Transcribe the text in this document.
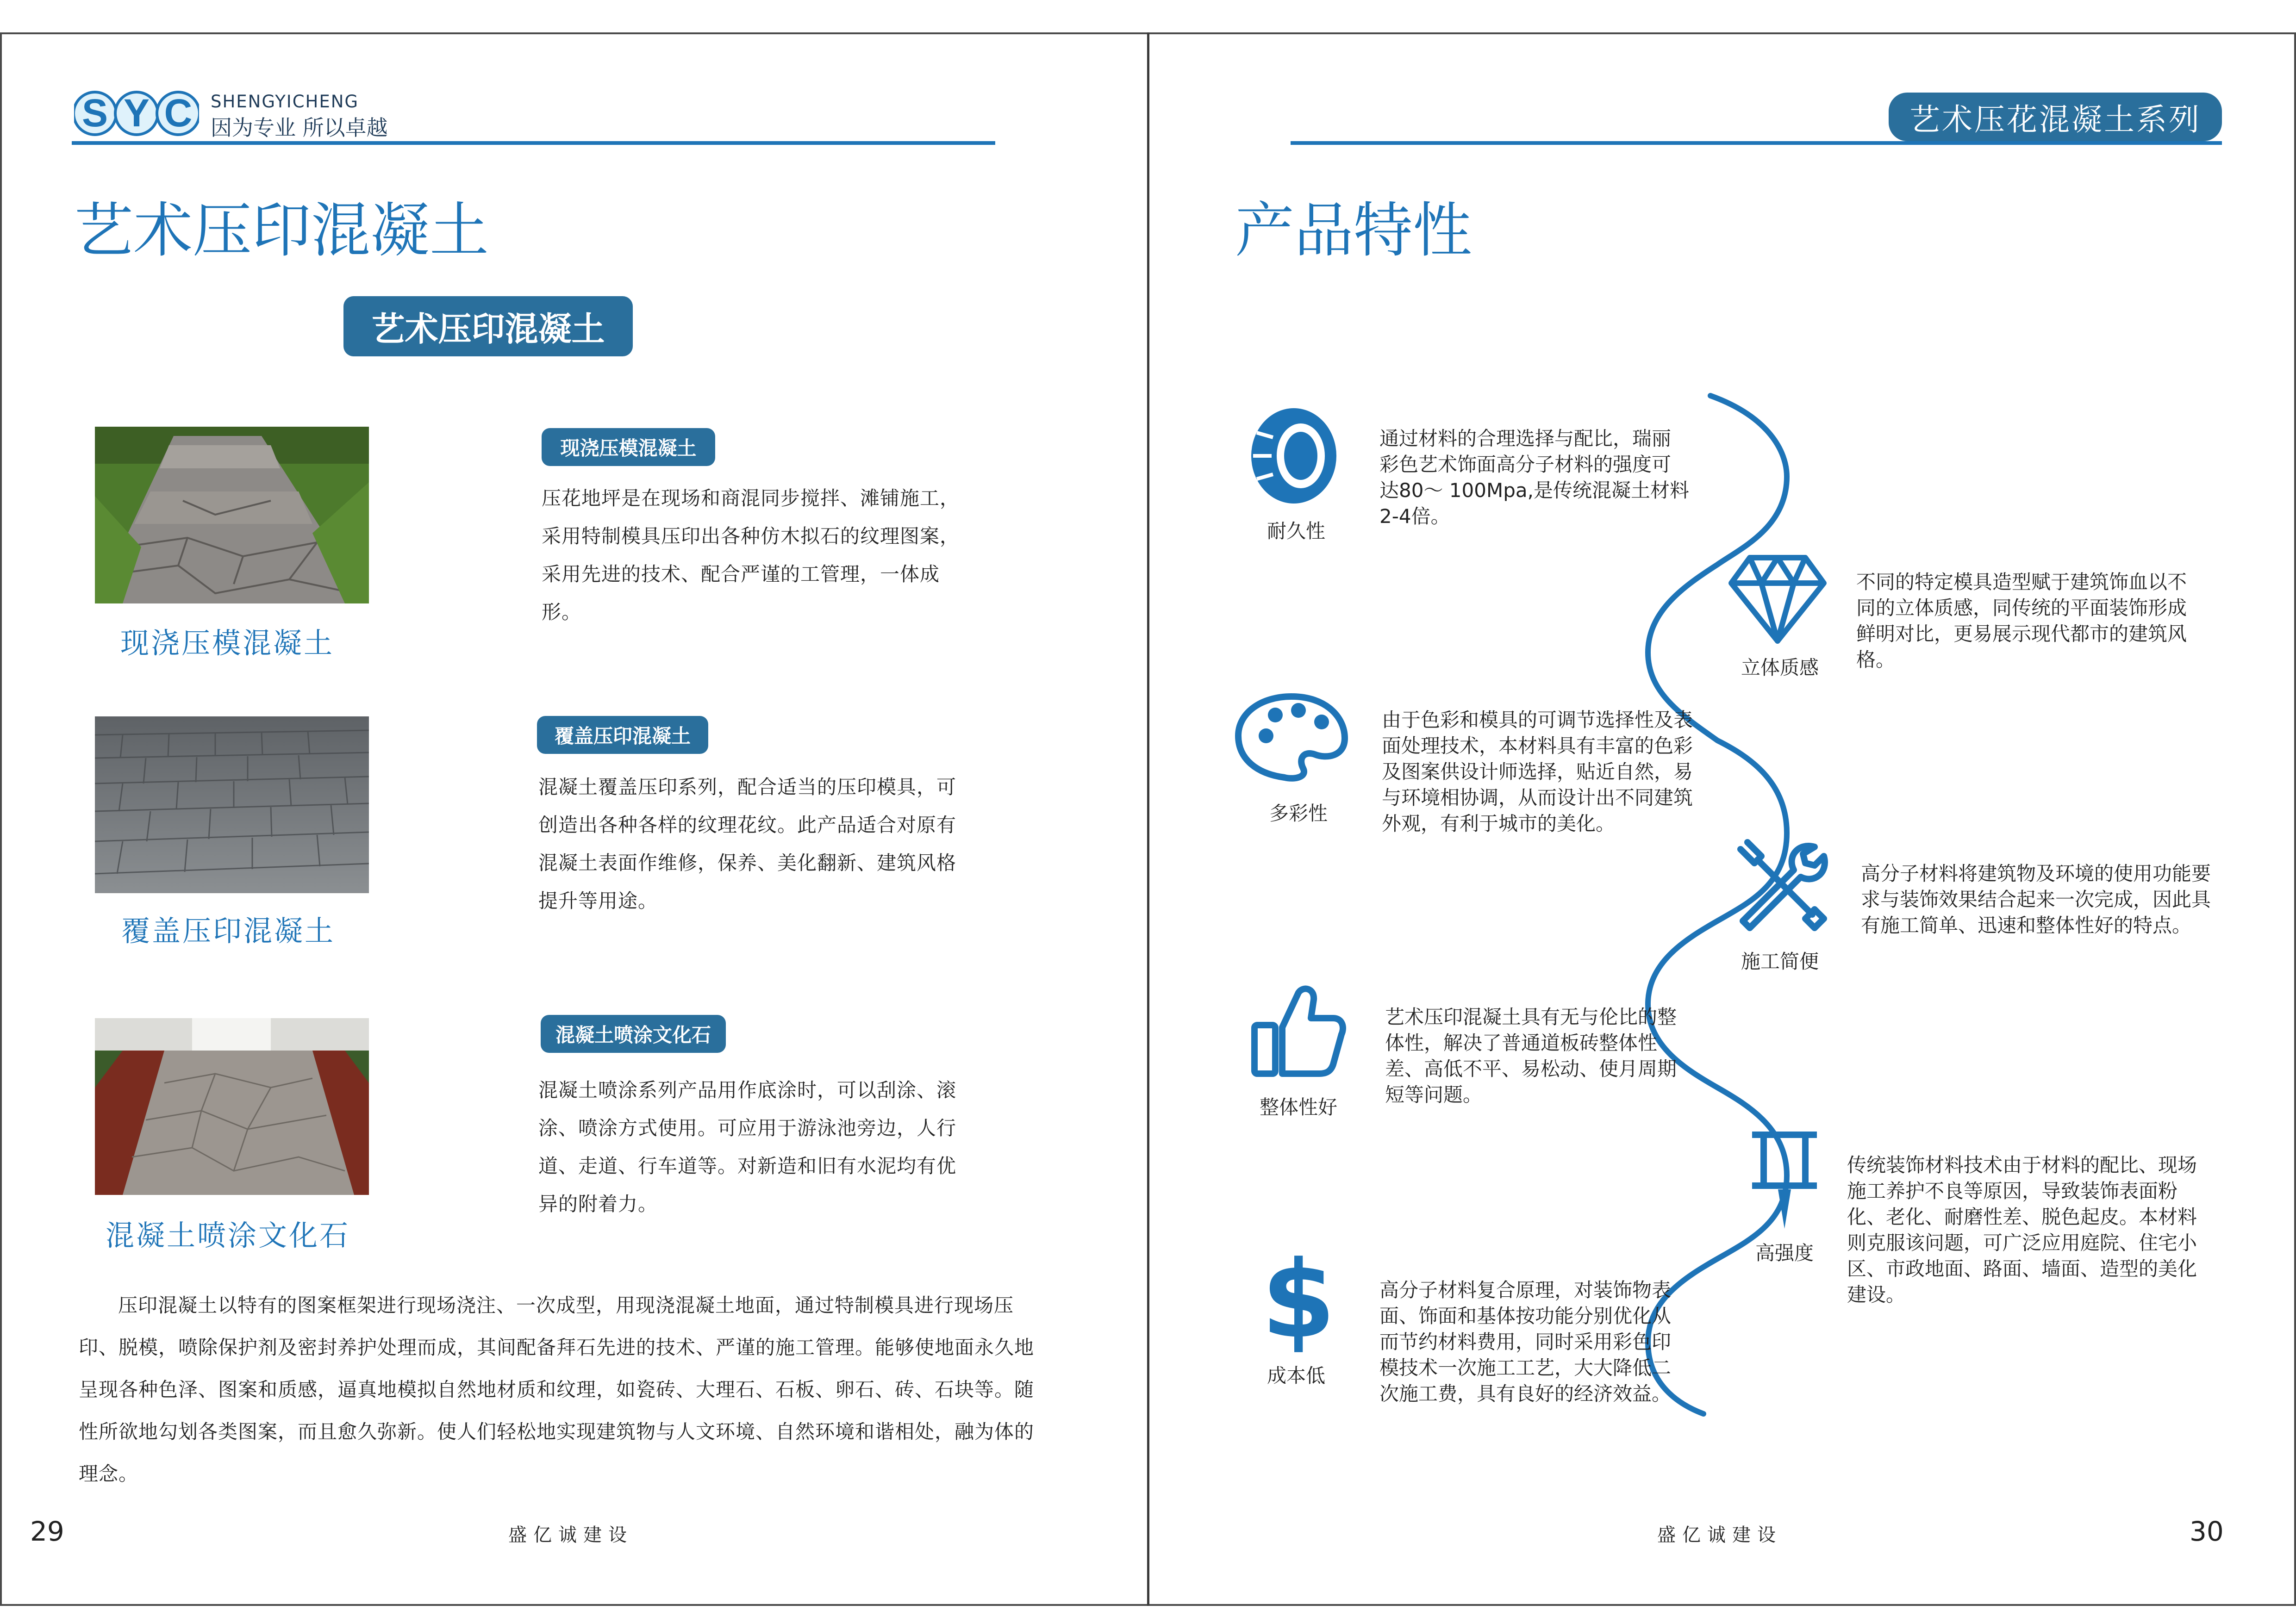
S Y C SHENGYICHENG
因为专业 所以卓越
艺术压印混凝土
艺术压印混凝土
现浇压模混凝土
现浇压模混凝土
压花地坪是在现场和商混同步搅拌、滩铺施工，
采用特制模具压印出各种仿木拟石的纹理图案，
采用先进的技术、配合严谨的工管理，一体成
形。
覆盖压印混凝土
覆盖压印混凝土
混凝土覆盖压印系列，配合适当的压印模具，可
创造出各种各样的纹理花纹。此产品适合对原有
混凝土表面作维修，保养、美化翻新、建筑风格
提升等用途。
混凝土喷涂文化石
混凝土喷涂文化石
混凝土喷涂系列产品用作底涂时，可以刮涂、滚
涂、喷涂方式使用。可应用于游泳池旁边，人行
道、走道、行车道等。对新造和旧有水泥均有优
异的附着力。
压印混凝土以特有的图案框架进行现场浇注、一次成型，用现浇混凝土地面，通过特制模具进行现场压印、脱模，喷除保护剂及密封养护处理而成，其间配备拜石先进的技术、严谨的施工管理。能够使地面永久地呈现各种色泽、图案和质感，逼真地模拟自然地材质和纹理，如瓷砖、大理石、石板、卵石、砖、石块等。随性所欲地勾划各类图案，而且愈久弥新。使人们轻松地实现建筑物与人文环境、自然环境和谐相处，融为体的理念。
29	盛亿诚建设
艺术压花混凝土系列
产品特性
耐久性
通过材料的合理选择与配比，瑞丽
彩色艺术饰面高分子材料的强度可
达80～ 100Mpa,是传统混凝土材料
2-4倍。
立体质感
不同的特定模具造型赋于建筑饰血以不
同的立体质感，同传统的平面装饰形成
鲜明对比，更易展示现代都市的建筑风
格。
多彩性
由于色彩和模具的可调节选择性及表
面处理技术，本材料具有丰富的色彩
及图案供设计师选择，贴近自然，易
与环境相协调，从而设计出不同建筑
外观，有利于城市的美化。
施工简便
高分子材料将建筑物及环境的使用功能要
求与装饰效果结合起来一次完成，因此具
有施工简单、迅速和整体性好的特点。
整体性好
艺术压印混凝土具有无与伦比的整
体性，解决了普通道板砖整体性
差、高低不平、易松动、使月周期
短等问题。
高强度
传统装饰材料技术由于材料的配比、现场
施工养护不良等原因，导致装饰表面粉
化、老化、耐磨性差、脱色起皮。本材料
则克服该问题，可广泛应用庭院、住宅小
区、市政地面、路面、墙面、造型的美化
建设。
$
成本低
高分子材料复合原理，对装饰物表
面、饰面和基体按功能分别优化从
而节约材料费用，同时采用彩色印
模技术一次施工工艺，大大降低二
次施工费，具有良好的经济效益。
盛亿诚建设	30
